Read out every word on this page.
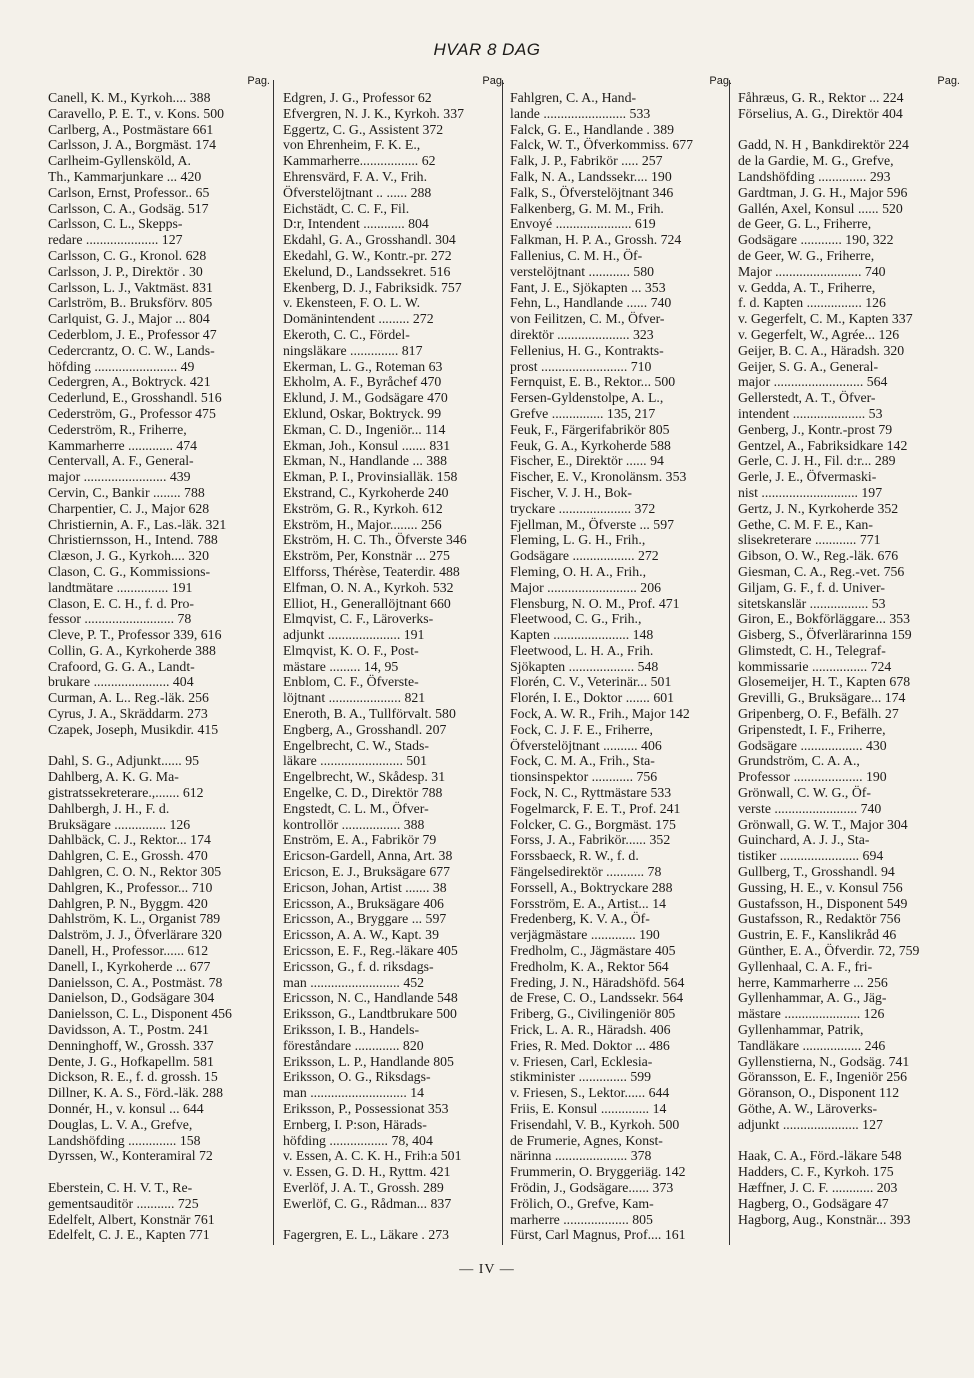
HVAR 8 DAG
Pag.
Canell, K. M., Kyrkoh.... 388
Caravello, P. E. T., v. Kons. 500
Carlberg, A., Postmästare 661
Carlsson, J. A., Borgmäst. 174
Carlheim-Gyllensköld, A.
Th., Kammarjunkare ... 420
Carlson, Ernst, Professor.. 65
Carlsson, C. A., Godsäg. 517
Carlsson, C. L., Skepps-
redare ..................... 127
Carlsson, C. G., Kronol. 628
Carlsson, J. P., Direktör . 30
Carlsson, L. J., Vaktmäst. 831
Carlström, B.. Bruksförv. 805
Carlquist, G. J., Major ... 804
Cederblom, J. E., Professor 47
Cedercrantz, O. C. W., Lands-
höfding ........................ 49
Cedergren, A., Boktryck. 421
Cederlund, E., Grosshandl. 516
Cederström, G., Professor 475
Cederström, R., Friherre,
Kammarherre ............. 474
Centervall, A. F., General-
major ........................ 439
Cervin, C., Bankir ........ 788
Charpentier, C. J., Major 628
Christiernin, A. F., Las.-läk. 321
Christiernsson, H., Intend. 788
Clæson, J. G., Kyrkoh.... 320
Clason, C. G., Kommissions-
landtmätare ............... 191
Clason, E. C. H., f. d. Pro-
fessor .......................... 78
Cleve, P. T., Professor 339, 616
Collin, G. A., Kyrkoherde 388
Crafoord, G. G. A., Landt-
brukare ...................... 404
Curman, A. L.. Reg.-läk. 256
Cyrus, J. A., Skräddarm. 273
Czapek, Joseph, Musikdir. 415
Dahl, S. G., Adjunkt...... 95
Dahlberg, A. K. G. Ma-
gistratssekreterare.,....... 612
Dahlbergh, J. H., F. d.
Bruksägare ............... 126
Dahlbäck, C. J., Rektor... 174
Dahlgren, C. E., Grossh. 470
Dahlgren, C. O. N., Rektor 305
Dahlgren, K., Professor... 710
Dahlgren, P. N., Byggm. 420
Dahlström, K. L., Organist 789
Dalström, J. J., Öfverlärare 320
Danell, H., Professor...... 612
Danell, I., Kyrkoherde ... 677
Danielsson, C. A., Postmäst. 78
Danielson, D., Godsägare 304
Danielsson, C. L., Disponent 456
Davidsson, A. T., Postm. 241
Denninghoff, W., Grossh. 337
Dente, J. G., Hofkapellm. 581
Dickson, R. E., f. d. grossh. 15
Dillner, K. A. S., Förd.-läk. 288
Donnér, H., v. konsul ... 644
Douglas, L. V. A., Grefve,
Landshöfding .............. 158
Dyrssen, W., Konteramiral 72
Eberstein, C. H. V. T., Re-
gementsauditör ........... 725
Edelfelt, Albert, Konstnär 761
Edelfelt, C. J. E., Kapten 771
Pag.
Edgren, J. G., Professor 62
Efvergren, N. J. K., Kyrkoh. 337
Eggertz, C. G., Assistent 372
von Ehrenheim, F. K. E.,
Kammarherre................. 62
Ehrensvärd, F. A. V., Frih.
Öfverstelöjtnant .. ...... 288
Eichstädt, C. C. F., Fil.
D:r, Intendent ............ 804
Ekdahl, G. A., Grosshandl. 304
Ekedahl, G. W., Kontr.-pr. 272
Ekelund, D., Landssekret. 516
Ekenberg, D. J., Fabriksidk. 757
v. Ekensteen, F. O. L. W.
Domänintendent ......... 272
Ekeroth, C. C., Fördel-
ningsläkare .............. 817
Ekerman, L. G., Roteman 63
Ekholm, A. F., Byråchef 470
Eklund, J. M., Godsägare 470
Eklund, Oskar, Boktryck. 99
Ekman, C. D., Ingeniör... 114
Ekman, Joh., Konsul ....... 831
Ekman, N., Handlande ... 388
Ekman, P. I., Provinsialläk. 158
Ekstrand, C., Kyrkoherde 240
Ekström, G. R., Kyrkoh. 612
Ekström, H., Major........ 256
Ekström, H. C. Th., Öfverste 346
Ekström, Per, Konstnär ... 275
Elfforss, Thérèse, Teaterdir. 488
Elfman, O. N. A., Kyrkoh. 532
Elliot, H., Generallöjtnant 660
Elmqvist, C. F., Läroverks-
adjunkt ..................... 191
Elmqvist, K. O. F., Post-
mästare ......... 14, 95
Enblom, C. F., Öfverste-
löjtnant ..................... 821
Eneroth, B. A., Tullförvalt. 580
Engberg, A., Grosshandl. 207
Engelbrecht, C. W., Stads-
läkare ........................ 501
Engelbrecht, W., Skådesp. 31
Engelke, C. D., Direktör 788
Engstedt, C. L. M., Öfver-
kontrollör ................. 388
Enström, E. A., Fabrikör 79
Ericson-Gardell, Anna, Art. 38
Ericson, E. J., Bruksägare 677
Ericson, Johan, Artist ....... 38
Ericsson, A., Bruksägare 406
Ericsson, A., Bryggare ... 597
Ericsson, A. A. W., Kapt. 39
Ericsson, E. F., Reg.-läkare 405
Ericsson, G., f. d. riksdags-
man .......................... 452
Ericsson, N. C., Handlande 548
Eriksson, G., Landtbrukare 500
Eriksson, I. B., Handels-
föreståndare ............. 820
Eriksson, L. P., Handlande 805
Eriksson, O. G., Riksdags-
man ............................ 14
Eriksson, P., Possessionat 353
Ernberg, I. P:son, Härads-
höfding ................. 78, 404
v. Essen, A. C. K. H., Frih:a 501
v. Essen, G. D. H., Ryttm. 421
Everlöf, J. A. T., Grossh. 289
Ewerlöf, C. G., Rådman... 837
Fagergren, E. L., Läkare . 273
Pag.
Fahlgren, C. A., Hand-
lande ........................ 533
Falck, G. E., Handlande . 389
Falck, W. T., Öfverkommiss. 677
Falk, J. P., Fabrikör ..... 257
Falk, N. A., Landssekr.... 190
Falk, S., Öfverstelöjtnant 346
Falkenberg, G. M. M., Frih.
Envoyé ...................... 619
Falkman, H. P. A., Grossh. 724
Fallenius, C. M. H., Öf-
verstelöjtnant ............ 580
Fant, J. E., Sjökapten ... 353
Fehn, L., Handlande ...... 740
von Feilitzen, C. M., Öfver-
direktör ..................... 323
Fellenius, H. G., Kontrakts-
prost ......................... 710
Fernquist, E. B., Rektor... 500
Fersen-Gyldenstolpe, A. L.,
Grefve ............... 135, 217
Feuk, F., Färgerifabrikör 805
Feuk, G. A., Kyrkoherde 588
Fischer, E., Direktör ...... 94
Fischer, E. V., Kronolänsm. 353
Fischer, V. J. H., Bok-
tryckare ..................... 372
Fjellman, M., Öfverste ... 597
Fleming, L. G. H., Frih.,
Godsägare .................. 272
Fleming, O. H. A., Frih.,
Major .......................... 206
Flensburg, N. O. M., Prof. 471
Fleetwood, C. G., Frih.,
Kapten ...................... 148
Fleetwood, L. H. A., Frih.
Sjökapten ................... 548
Florén, C. V., Veterinär... 501
Florén, I. E., Doktor ....... 601
Fock, A. W. R., Frih., Major 142
Fock, C. J. F. E., Friherre,
Öfverstelöjtnant .......... 406
Fock, C. M. A., Frih., Sta-
tionsinspektor ............ 756
Fock, N. C., Ryttmästare 533
Fogelmarck, F. E. T., Prof. 241
Folcker, C. G., Borgmäst. 175
Forss, J. A., Fabrikör...... 352
Forssbaeck, R. W., f. d.
Fängelsedirektör ........... 78
Forssell, A., Boktryckare 288
Forsström, E. A., Artist... 14
Fredenberg, K. V. A., Öf-
verjägmästare ............. 190
Fredholm, C., Jägmästare 405
Fredholm, K. A., Rektor 564
Freding, J. N., Häradshöfd. 564
de Frese, C. O., Landssekr. 564
Friberg, G., Civilingeniör 805
Frick, L. A. R., Häradsh. 406
Fries, R. Med. Doktor ... 486
v. Friesen, Carl, Ecklesia-
stikminister .............. 599
v. Friesen, S., Lektor...... 644
Friis, E. Konsul .............. 14
Frisendahl, V. B., Kyrkoh. 500
de Frumerie, Agnes, Konst-
närinna ..................... 378
Frummerin, O. Bryggeriäg. 142
Frödin, J., Godsägare...... 373
Frölich, O., Grefve, Kam-
marherre ................... 805
Fürst, Carl Magnus, Prof.... 161
Pag.
Fåhræus, G. R., Rektor ... 224
Förselius, A. G., Direktör 404
Gadd, N. H , Bankdirektör 224
de la Gardie, M. G., Grefve,
Landshöfding .............. 293
Gardtman, J. G. H., Major 596
Gallén, Axel, Konsul ...... 520
de Geer, G. L., Friherre,
Godsägare ............ 190, 322
de Geer, W. G., Friherre,
Major ......................... 740
v. Gedda, A. T., Friherre,
f. d. Kapten ................ 126
v. Gegerfelt, C. M., Kapten 337
v. Gegerfelt, W., Agrée... 126
Geijer, B. C. A., Häradsh. 320
Geijer, S. G. A., General-
major .......................... 564
Gellerstedt, A. T., Öfver-
intendent ..................... 53
Genberg, J., Kontr.-prost 79
Gentzel, A., Fabriksidkare 142
Gerle, C. J. H., Fil. d:r... 289
Gerle, J. E., Öfvermaski-
nist ............................ 197
Gertz, J. N., Kyrkoherde 352
Gethe, C. M. F. E., Kan-
slisekreterare ............ 771
Gibson, O. W., Reg.-läk. 676
Giesman, C. A., Reg.-vet. 756
Giljam, G. F., f. d. Univer-
sitetskanslär ................. 53
Giron, E., Bokförläggare... 353
Gisberg, S., Öfverlärarinna 159
Glimstedt, C. H., Telegraf-
kommissarie ................ 724
Glosemeijer, H. T., Kapten 678
Grevilli, G., Bruksägare... 174
Gripenberg, O. F., Befälh. 27
Gripenstedt, I. F., Friherre,
Godsägare .................. 430
Grundström, C. A. A.,
Professor .................... 190
Grönwall, C. W. G., Öf-
verste ........................ 740
Grönwall, G. W. T., Major 304
Guinchard, A. J. J., Sta-
tistiker ....................... 694
Gullberg, T., Grosshandl. 94
Gussing, H. E., v. Konsul 756
Gustafsson, H., Disponent 549
Gustafsson, R., Redaktör 756
Gustrin, E. F., Kanslikråd 46
Günther, E. A., Öfverdir. 72, 759
Gyllenhaal, C. A. F., fri-
herre, Kammarherre ... 256
Gyllenhammar, A. G., Jäg-
mästare ...................... 126
Gyllenhammar, Patrik,
Tandläkare ................. 246
Gyllenstierna, N., Godsäg. 741
Göransson, E. F., Ingeniör 256
Göranson, O., Disponent 112
Göthe, A. W., Läroverks-
adjunkt ...................... 127
Haak, C. A., Förd.-läkare 548
Hadders, C. F., Kyrkoh. 175
Hæffner, J. C. F. ............ 203
Hagberg, O., Godsägare 47
Hagborg, Aug., Konstnär... 393
— IV —
